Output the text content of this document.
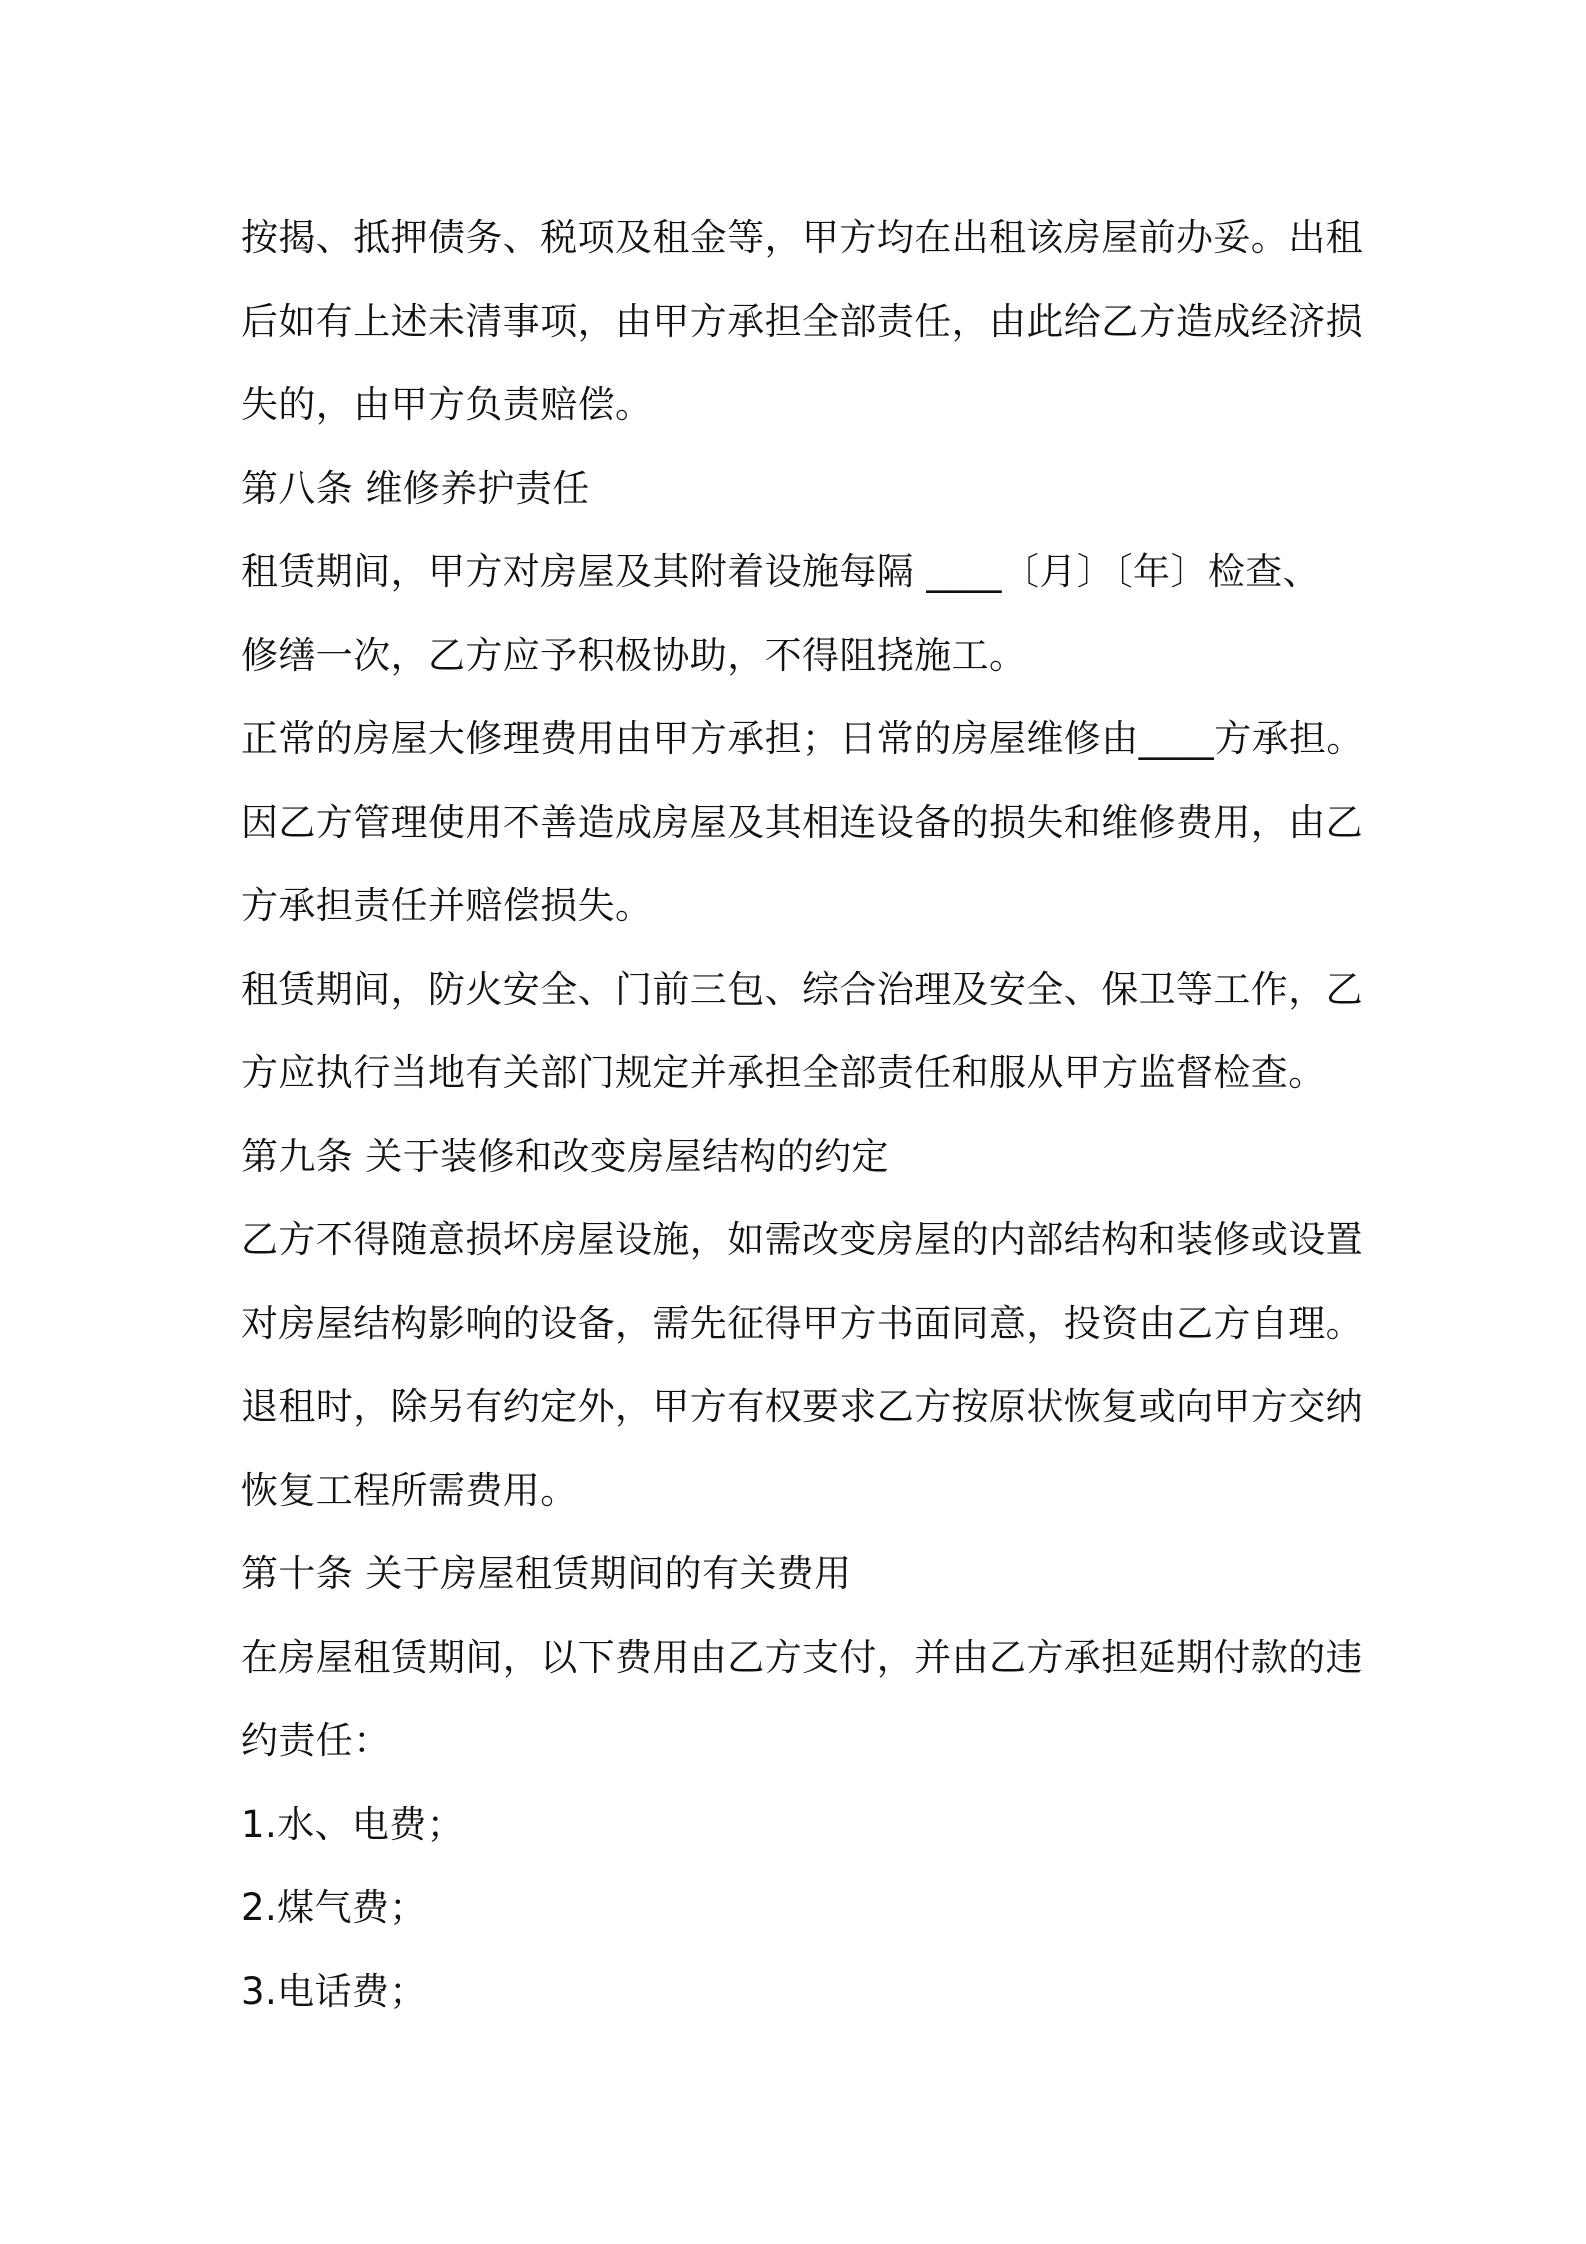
按揭、抵押债务、税项及租金等，甲方均在出租该房屋前办妥。出租
后如有上述未清事项，由甲方承担全部责任，由此给乙方造成经济损
失的，由甲方负责赔偿。
第八条 维修养护责任
租赁期间，甲方对房屋及其附着设施每隔 ____〔月〕〔年〕检查、
修缮一次，乙方应予积极协助，不得阻挠施工。
正常的房屋大修理费用由甲方承担；日常的房屋维修由____方承担。
因乙方管理使用不善造成房屋及其相连设备的损失和维修费用，由乙
方承担责任并赔偿损失。
租赁期间，防火安全、门前三包、综合治理及安全、保卫等工作，乙
方应执行当地有关部门规定并承担全部责任和服从甲方监督检查。
第九条 关于装修和改变房屋结构的约定
乙方不得随意损坏房屋设施，如需改变房屋的内部结构和装修或设置
对房屋结构影响的设备，需先征得甲方书面同意，投资由乙方自理。
退租时，除另有约定外，甲方有权要求乙方按原状恢复或向甲方交纳
恢复工程所需费用。
第十条 关于房屋租赁期间的有关费用
在房屋租赁期间，以下费用由乙方支付，并由乙方承担延期付款的违
约责任：
1.水、电费；
2.煤气费；
3.电话费；
